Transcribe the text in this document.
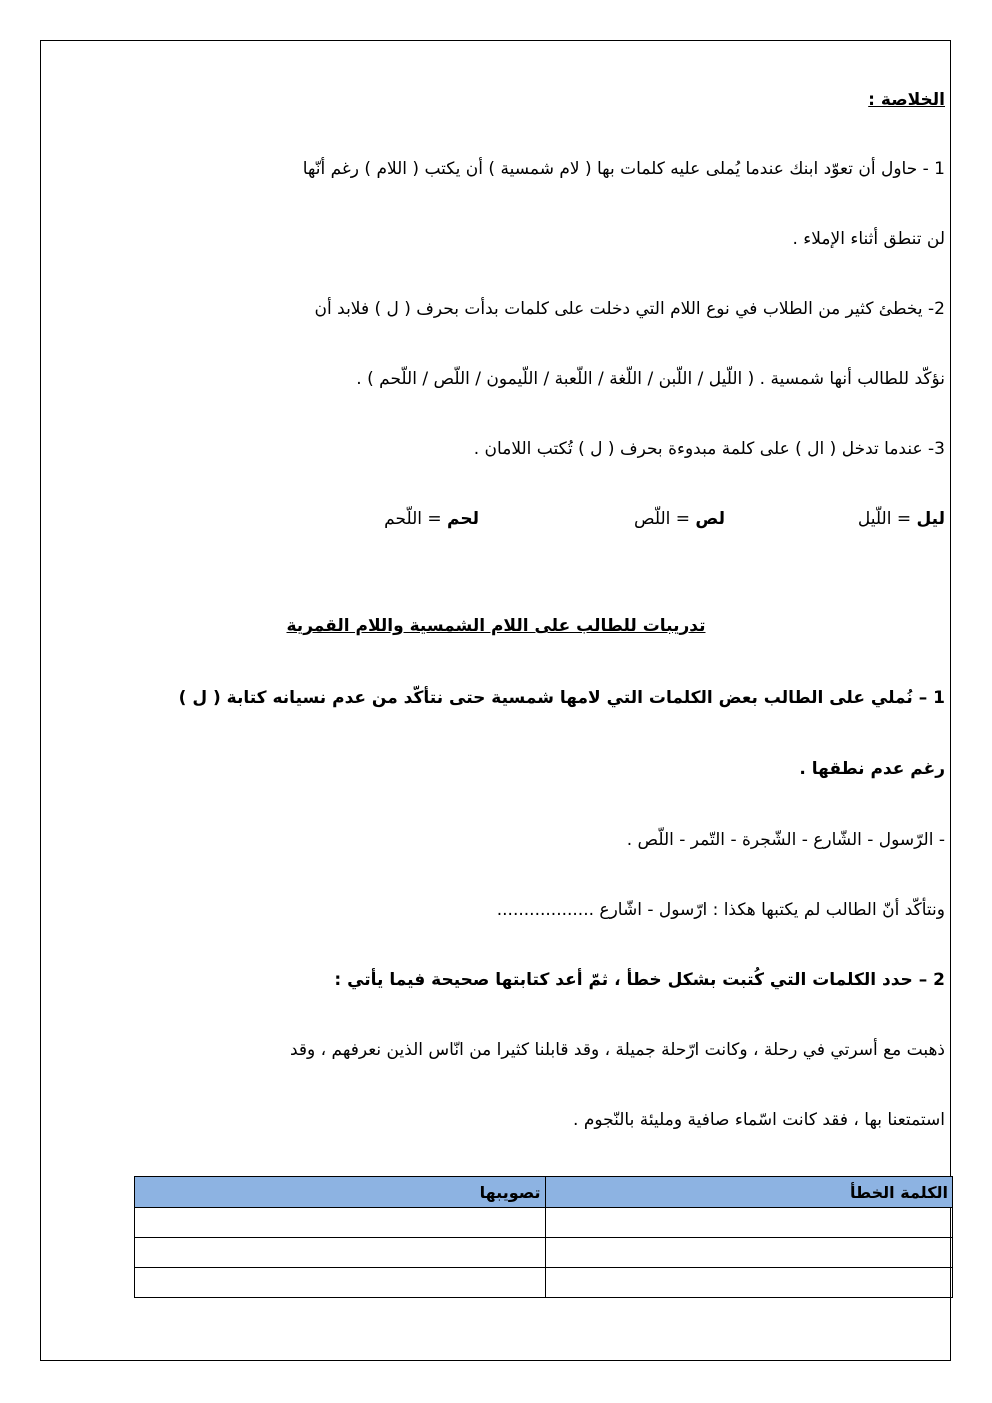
الخلاصة :
1 - حاول أن تعوّد ابنك عندما يُملى عليه كلمات بها ( لام شمسية ) أن يكتب ( اللام ) رغم أنّها
لن تنطق أثناء الإملاء .
2- يخطئ كثير من الطلاب في نوع اللام التي دخلت على كلمات بدأت بحرف ( ل ) فلابد أن
نؤكّد للطالب أنها شمسية . ( اللّيل / اللّبن / اللّغة / اللّعبة / اللّيمون / اللّص / اللّحم ) .
3- عندما تدخل ( ال ) على كلمة مبدوءة بحرف ( ل ) تُكتب اللامان .
ليل = اللّيل
لص = اللّص
لحم = اللّحم
تدريبات للطالب على اللام الشمسية واللام القمرية
1 – نُملي على الطالب بعض الكلمات التي لامها شمسية حتى نتأكّد من عدم نسيانه كتابة ( ل )
رغم عدم نطقها .
- الرّسول - الشّارع - الشّجرة - التّمر - اللّص .
ونتأكّد أنّ الطالب لم يكتبها هكذا : ارّسول - اشّارع ..................
2 – حدد الكلمات التي كُتبت بشكل خطأ ، ثمّ أعد كتابتها صحيحة فيما يأتي :
ذهبت مع أسرتي في رحلة ، وكانت ارّحلة جميلة ، وقد قابلنا كثيرا من انّاس الذين نعرفهم ، وقد
استمتعنا بها ، فقد كانت اسّماء صافية ومليئة بالنّجوم .
الكلمة الخطأ	تصويبها
